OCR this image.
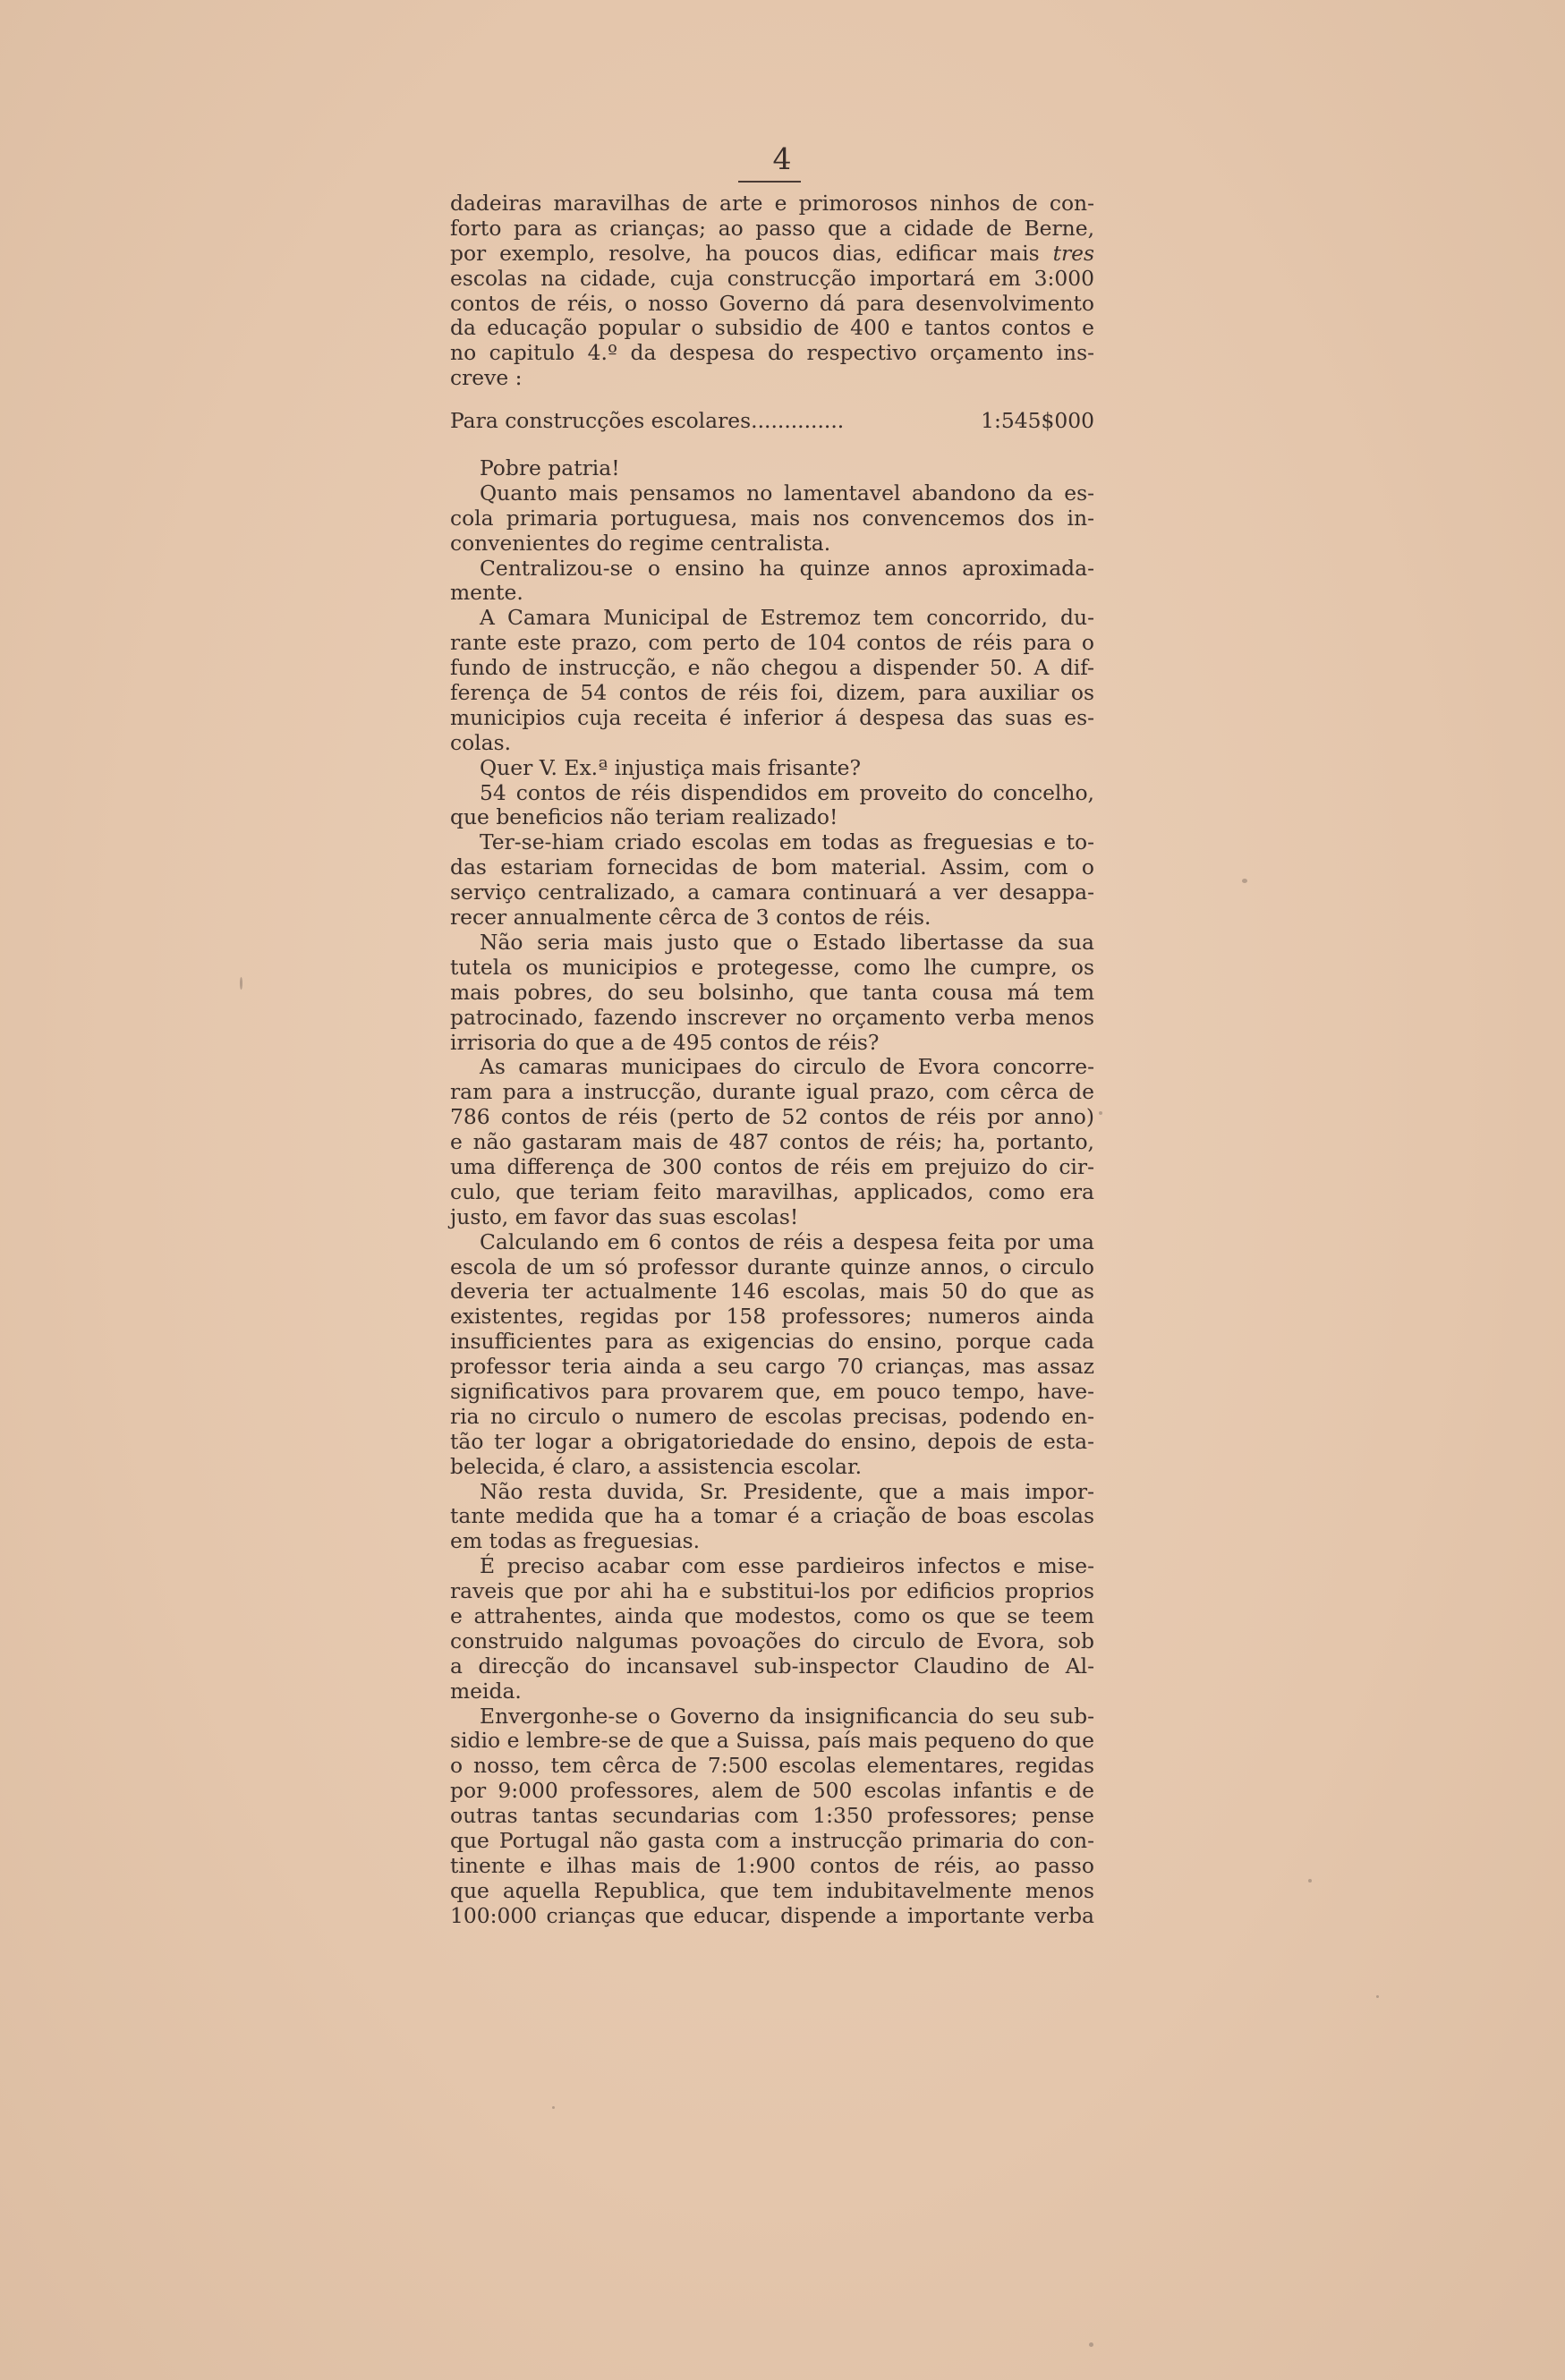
4
dadeiras maravilhas de arte e primorosos ninhos de con-
forto para as crianças; ao passo que a cidade de Berne,
por exemplo, resolve, ha poucos dias, edificar mais tres
escolas na cidade, cuja construcção importará em 3:000
contos de réis, o nosso Governo dá para desenvolvimento
da educação popular o subsidio de 400 e tantos contos e
no capitulo 4.º da despesa do respectivo orçamento ins-
creve :
Para construcções escolares..............	1:545$000
Pobre patria!
Quanto mais pensamos no lamentavel abandono da es-
cola primaria portuguesa, mais nos convencemos dos in-
convenientes do regime centralista.
Centralizou-se o ensino ha quinze annos aproximada-
mente.
A Camara Municipal de Estremoz tem concorrido, du-
rante este prazo, com perto de 104 contos de réis para o
fundo de instrucção, e não chegou a dispender 50. A dif-
ferença de 54 contos de réis foi, dizem, para auxiliar os
municipios cuja receita é inferior á despesa das suas es-
colas.
Quer V. Ex.ª injustiça mais frisante?
54 contos de réis dispendidos em proveito do concelho,
que beneficios não teriam realizado!
Ter-se-hiam criado escolas em todas as freguesias e to-
das estariam fornecidas de bom material. Assim, com o
serviço centralizado, a camara continuará a ver desappa-
recer annualmente cêrca de 3 contos de réis.
Não seria mais justo que o Estado libertasse da sua
tutela os municipios e protegesse, como lhe cumpre, os
mais pobres, do seu bolsinho, que tanta cousa má tem
patrocinado, fazendo inscrever no orçamento verba menos
irrisoria do que a de 495 contos de réis?
As camaras municipaes do circulo de Evora concorre-
ram para a instrucção, durante igual prazo, com cêrca de
786 contos de réis (perto de 52 contos de réis por anno)
e não gastaram mais de 487 contos de réis; ha, portanto,
uma differença de 300 contos de réis em prejuizo do cir-
culo, que teriam feito maravilhas, applicados, como era
justo, em favor das suas escolas!
Calculando em 6 contos de réis a despesa feita por uma
escola de um só professor durante quinze annos, o circulo
deveria ter actualmente 146 escolas, mais 50 do que as
existentes, regidas por 158 professores; numeros ainda
insufficientes para as exigencias do ensino, porque cada
professor teria ainda a seu cargo 70 crianças, mas assaz
significativos para provarem que, em pouco tempo, have-
ria no circulo o numero de escolas precisas, podendo en-
tão ter logar a obrigatoriedade do ensino, depois de esta-
belecida, é claro, a assistencia escolar.
Não resta duvida, Sr. Presidente, que a mais impor-
tante medida que ha a tomar é a criação de boas escolas
em todas as freguesias.
É preciso acabar com esse pardieiros infectos e mise-
raveis que por ahi ha e substitui-los por edificios proprios
e attrahentes, ainda que modestos, como os que se teem
construido nalgumas povoações do circulo de Evora, sob
a direcção do incansavel sub-inspector Claudino de Al-
meida.
Envergonhe-se o Governo da insignificancia do seu sub-
sidio e lembre-se de que a Suissa, país mais pequeno do que
o nosso, tem cêrca de 7:500 escolas elementares, regidas
por 9:000 professores, alem de 500 escolas infantis e de
outras tantas secundarias com 1:350 professores; pense
que Portugal não gasta com a instrucção primaria do con-
tinente e ilhas mais de 1:900 contos de réis, ao passo
que aquella Republica, que tem indubitavelmente menos
100:000 crianças que educar, dispende a importante verba
